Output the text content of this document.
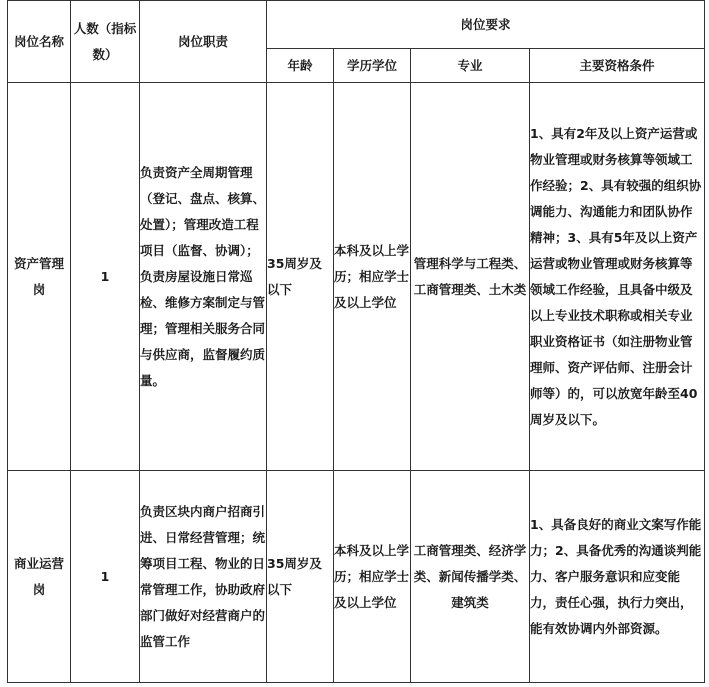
岗位名称	人数（指标数）	岗位职责	岗位要求			
			年龄	学历学位	专业	主要资格条件
资产管理岗	1	负责资产全周期管理（登记、盘点、核算、处置）；管理改造工程项目（监督、协调）；负责房屋设施日常巡检、维修方案制定与管理；管理相关服务合同与供应商，监督履约质量。	35周岁及以下	本科及以上学历；相应学士及以上学位	管理科学与工程类、工商管理类、土木类	1、具有2年及以上资产运营或物业管理或财务核算等领域工作经验；2、具有较强的组织协调能力、沟通能力和团队协作精神；3、具有5年及以上资产运营或物业管理或财务核算等领域工作经验，且具备中级及以上专业技术职称或相关专业职业资格证书（如注册物业管理师、资产评估师、注册会计师等）的，可以放宽年龄至40周岁及以下。
商业运营岗	1	负责区块内商户招商引进、日常经营管理；统筹项目工程、物业的日常管理工作，协助政府部门做好对经营商户的监管工作	35周岁及以下	本科及以上学历；相应学士及以上学位	工商管理类、经济学类、新闻传播学类、建筑类	1、具备良好的商业文案写作能力；2、具备优秀的沟通谈判能力、客户服务意识和应变能力，责任心强，执行力突出，能有效协调内外部资源。
